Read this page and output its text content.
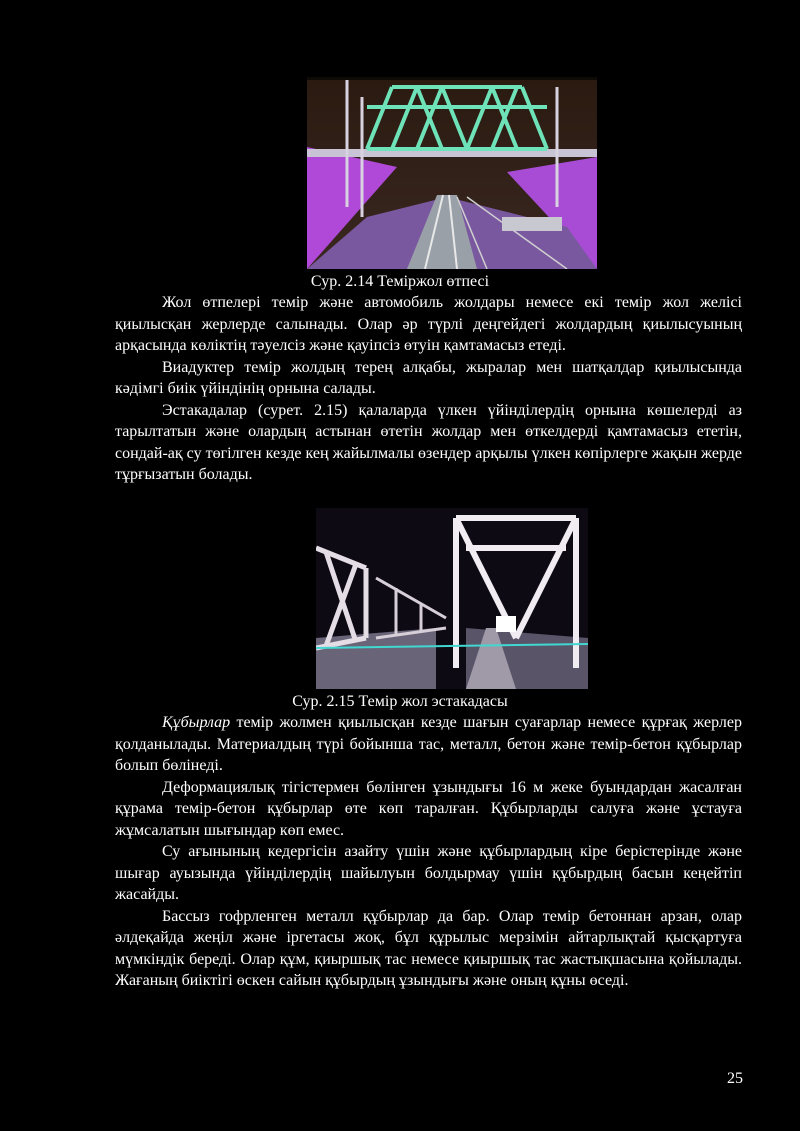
Сур. 2.14 Теміржол өтпесі

Жол өтпелері темір және автомобиль жолдары немесе екі темір жол желісі қиылысқан жерлерде салынады. Олар әр түрлі деңгейдегі жолдардың қиылысуының арқасында көліктің тәуелсіз және қауіпсіз өтуін қамтамасыз етеді.

Виадуктер темір жолдың терең алқабы, жыралар мен шатқалдар қиылысында кәдімгі биік үйіндінің орнына салады.

Эстакадалар (сурет. 2.15) қалаларда үлкен үйінділердің орнына көшелерді аз тарылтатын және олардың астынан өтетін жолдар мен өткелдерді қамтамасыз ететін, сондай-ақ су төгілген кезде кең жайылмалы өзендер арқылы үлкен көпірлерге жақын жерде тұрғызатын болады.

Сур. 2.15 Темір жол эстакадасы

Құбырлар темір жолмен қиылысқан кезде шағын суағарлар немесе құрғақ жерлер қолданылады. Материалдың түрі бойынша тас, металл, бетон және темір-бетон құбырлар болып бөлінеді.

Деформациялық тігістермен бөлінген ұзындығы 16 м жеке буындардан жасалған құрама темір-бетон құбырлар өте көп таралған. Құбырларды салуға және ұстауға жұмсалатын шығындар көп емес.

Су ағынының кедергісін азайту үшін және құбырлардың кіре берістерінде және шығар ауызында үйінділердің шайылуын болдырмау үшін құбырдың басын кеңейтіп жасайды.

Бассыз гофрленген металл құбырлар да бар. Олар темір бетоннан арзан, олар әлдеқайда жеңіл және іргетасы жоқ, бұл құрылыс мерзімін айтарлықтай қысқартуға мүмкіндік береді. Олар құм, қиыршық тас немесе қиыршық тас жастықшасына қойылады. Жағаның биіктігі өскен сайын құбырдың ұзындығы және оның құны өседі.

25
